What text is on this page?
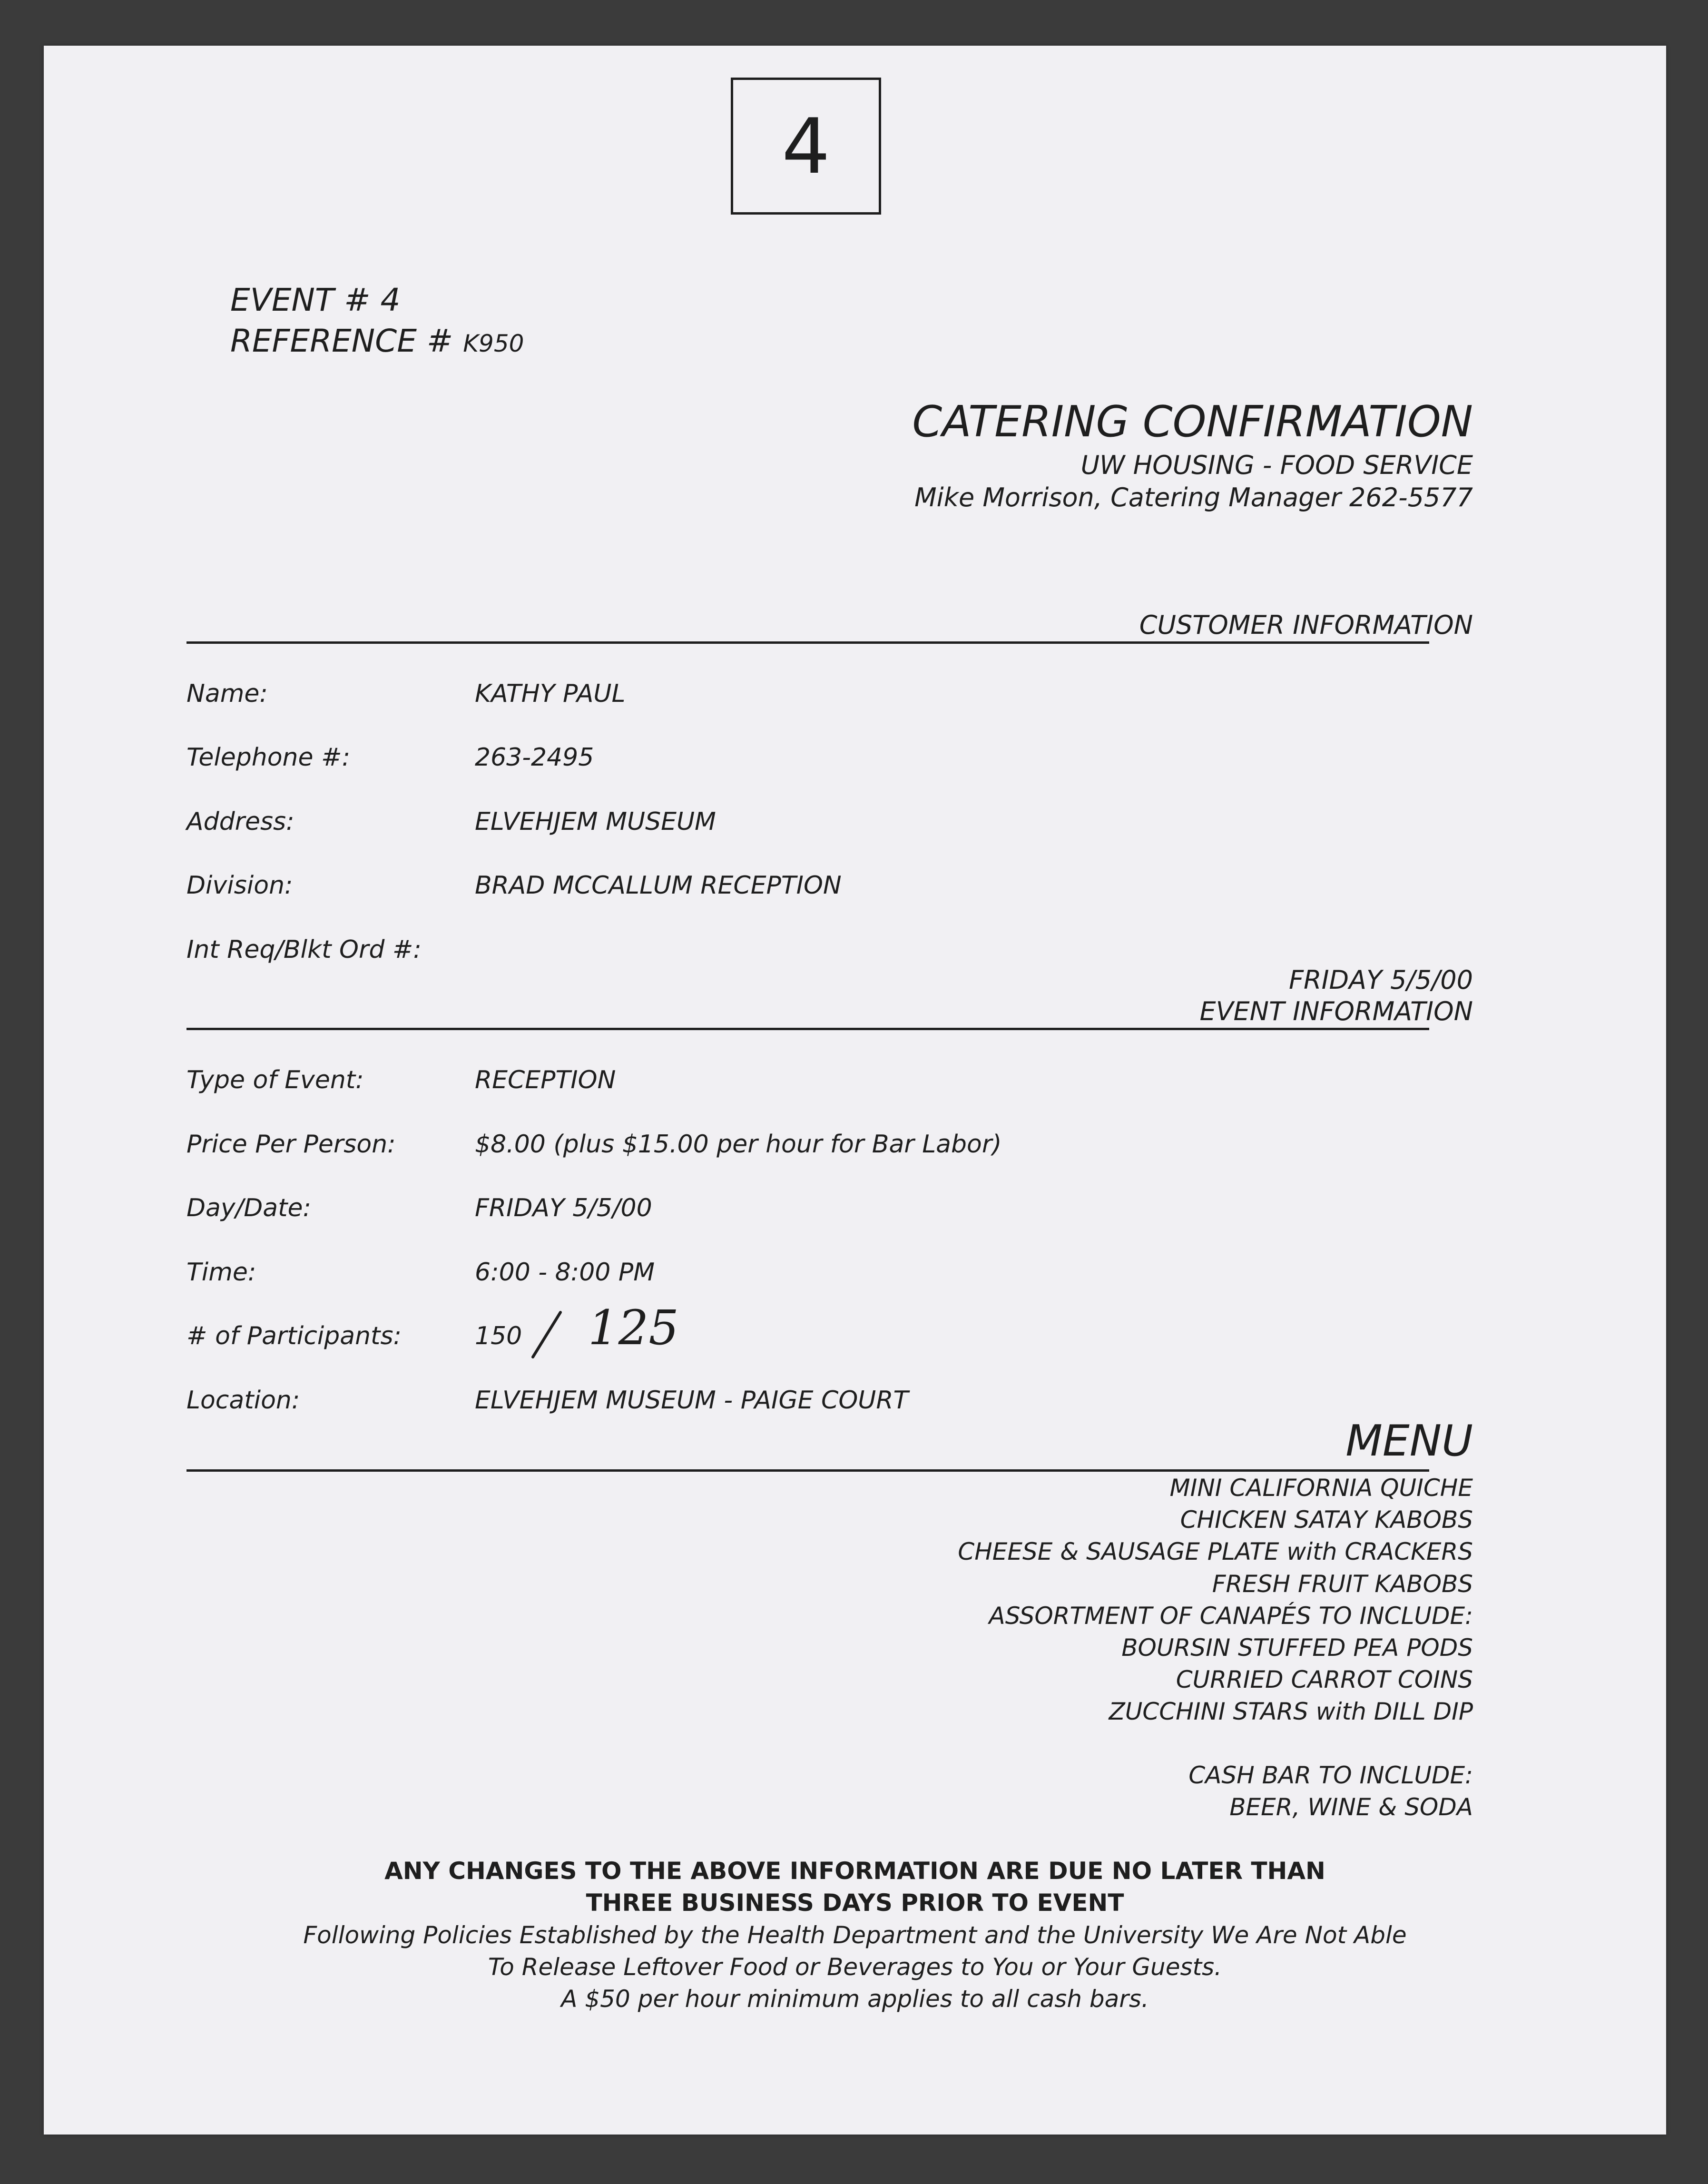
4
EVENT # 4
REFERENCE # K950
CATERING CONFIRMATION
UW HOUSING - FOOD SERVICE
Mike Morrison, Catering Manager 262-5577
CUSTOMER INFORMATION
Name:	KATHY PAUL
Telephone #:	263-2495
Address:	ELVEHJEM MUSEUM
Division:	BRAD MCCALLUM RECEPTION
Int Req/Blkt Ord #:
FRIDAY 5/5/00
EVENT INFORMATION
Type of Event:	RECEPTION
Price Per Person:	$8.00 (plus $15.00 per hour for Bar Labor)
Day/Date:	FRIDAY 5/5/00
Time:	6:00 - 8:00 PM
# of Participants:	150 125
Location:	ELVEHJEM MUSEUM - PAIGE COURT
MENU
MINI CALIFORNIA QUICHE
CHICKEN SATAY KABOBS
CHEESE & SAUSAGE PLATE with CRACKERS
FRESH FRUIT KABOBS
ASSORTMENT OF CANAPÉS TO INCLUDE:
BOURSIN STUFFED PEA PODS
CURRIED CARROT COINS
ZUCCHINI STARS with DILL DIP
CASH BAR TO INCLUDE:
BEER, WINE & SODA
ANY CHANGES TO THE ABOVE INFORMATION ARE DUE NO LATER THAN
THREE BUSINESS DAYS PRIOR TO EVENT
Following Policies Established by the Health Department and the University We Are Not Able
To Release Leftover Food or Beverages to You or Your Guests.
A $50 per hour minimum applies to all cash bars.
